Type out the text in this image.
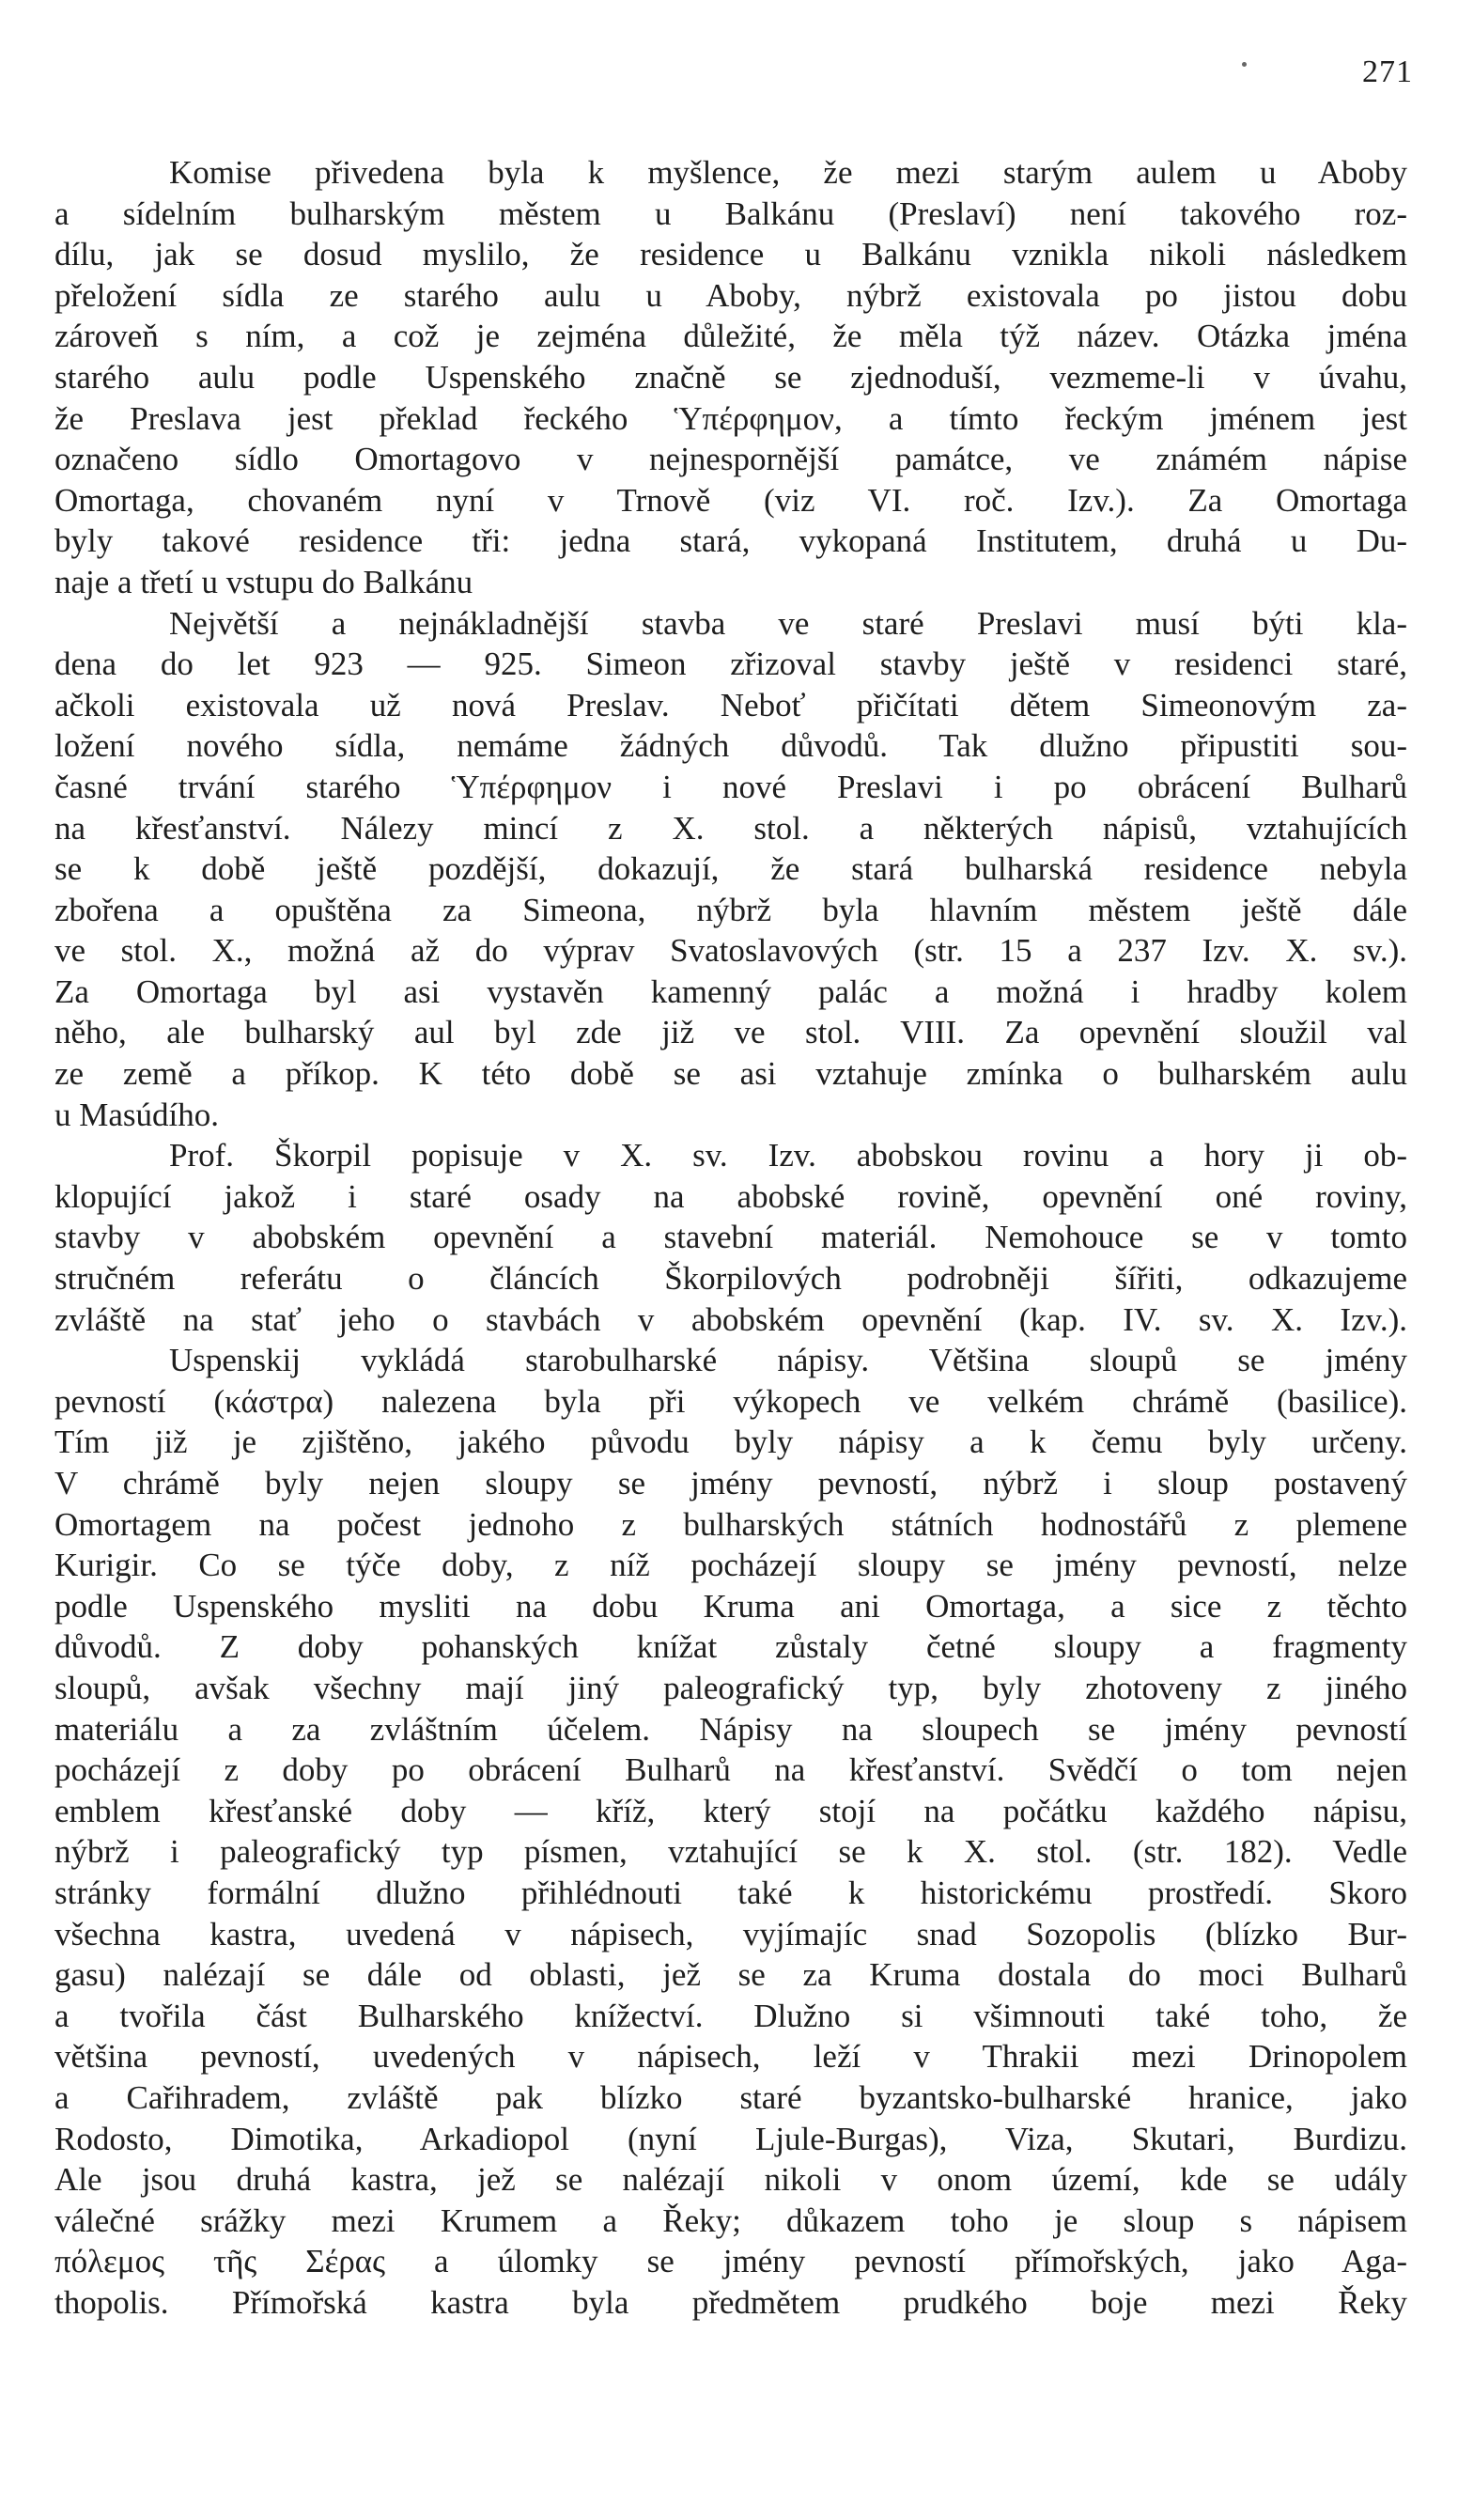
271
Komise přivedena byla k myšlence, že mezi starým aulem u Aboby
a sídelním bulharským městem u Balkánu (Preslaví) není takového roz-
dílu, jak se dosud myslilo, že residence u Balkánu vznikla nikoli následkem
přeložení sídla ze starého aulu u Aboby, nýbrž existovala po jistou dobu
zároveň s ním, a což je zejména důležité, že měla týž název. Otázka jména
starého aulu podle Uspenského značně se zjednoduší, vezmeme-li v úvahu,
že Preslava jest překlad řeckého Ὑπέρφημον, a tímto řeckým jménem jest
označeno sídlo Omortagovo v nejnespornější památce, ve známém nápise
Omortaga, chovaném nyní v Trnově (viz VI. roč. Izv.). Za Omortaga
byly takové residence tři: jedna stará, vykopaná Institutem, druhá u Du-
naje a třetí u vstupu do Balkánu
Největší a nejnákladnější stavba ve staré Preslavi musí býti kla-
dena do let 923 — 925. Simeon zřizoval stavby ještě v residenci staré,
ačkoli existovala už nová Preslav. Neboť přičítati dětem Simeonovým za-
ložení nového sídla, nemáme žádných důvodů. Tak dlužno připustiti sou-
časné trvání starého Ὑπέρφημον i nové Preslavi i po obrácení Bulharů
na křesťanství. Nálezy mincí z X. stol. a některých nápisů, vztahujících
se k době ještě pozdější, dokazují, že stará bulharská residence nebyla
zbořena a opuštěna za Simeona, nýbrž byla hlavním městem ještě dále
ve stol. X., možná až do výprav Svatoslavových (str. 15 a 237 Izv. X. sv.).
Za Omortaga byl asi vystavěn kamenný palác a možná i hradby kolem
něho, ale bulharský aul byl zde již ve stol. VIII. Za opevnění sloužil val
ze země a příkop. K této době se asi vztahuje zmínka o bulharském aulu
u Masúdího.
Prof. Škorpil popisuje v X. sv. Izv. abobskou rovinu a hory ji ob-
klopující jakož i staré osady na abobské rovině, opevnění oné roviny,
stavby v abobském opevnění a stavební materiál. Nemohouce se v tomto
stručném referátu o článcích Škorpilových podrobněji šířiti, odkazujeme
zvláště na stať jeho o stavbách v abobském opevnění (kap. IV. sv. X. Izv.).
Uspenskij vykládá starobulharské nápisy. Většina sloupů se jmény
pevností (κάστρα) nalezena byla při výkopech ve velkém chrámě (basilice).
Tím již je zjištěno, jakého původu byly nápisy a k čemu byly určeny.
V chrámě byly nejen sloupy se jmény pevností, nýbrž i sloup postavený
Omortagem na počest jednoho z bulharských státních hodnostářů z plemene
Kurigir. Co se týče doby, z níž pocházejí sloupy se jmény pevností, nelze
podle Uspenského mysliti na dobu Kruma ani Omortaga, a sice z těchto
důvodů. Z doby pohanských knížat zůstaly četné sloupy a fragmenty
sloupů, avšak všechny mají jiný paleografický typ, byly zhotoveny z jiného
materiálu a za zvláštním účelem. Nápisy na sloupech se jmény pevností
pocházejí z doby po obrácení Bulharů na křesťanství. Svědčí o tom nejen
emblem křesťanské doby — kříž, který stojí na počátku každého nápisu,
nýbrž i paleografický typ písmen, vztahující se k X. stol. (str. 182). Vedle
stránky formální dlužno přihlédnouti také k historickému prostředí. Skoro
všechna kastra, uvedená v nápisech, vyjímajíc snad Sozopolis (blízko Bur-
gasu) nalézají se dále od oblasti, jež se za Kruma dostala do moci Bulharů
a tvořila část Bulharského knížectví. Dlužno si všimnouti také toho, že
většina pevností, uvedených v nápisech, leží v Thrakii mezi Drinopolem
a Cařihradem, zvláště pak blízko staré byzantsko-bulharské hranice, jako
Rodosto, Dimotika, Arkadiopol (nyní Ljule-Burgas), Viza, Skutari, Burdizu.
Ale jsou druhá kastra, jež se nalézají nikoli v onom území, kde se udály
válečné srážky mezi Krumem a Řeky; důkazem toho je sloup s nápisem
πόλεμος τῆς Σέρας a úlomky se jmény pevností přímořských, jako Aga-
thopolis. Přímořská kastra byla předmětem prudkého boje mezi Řeky
